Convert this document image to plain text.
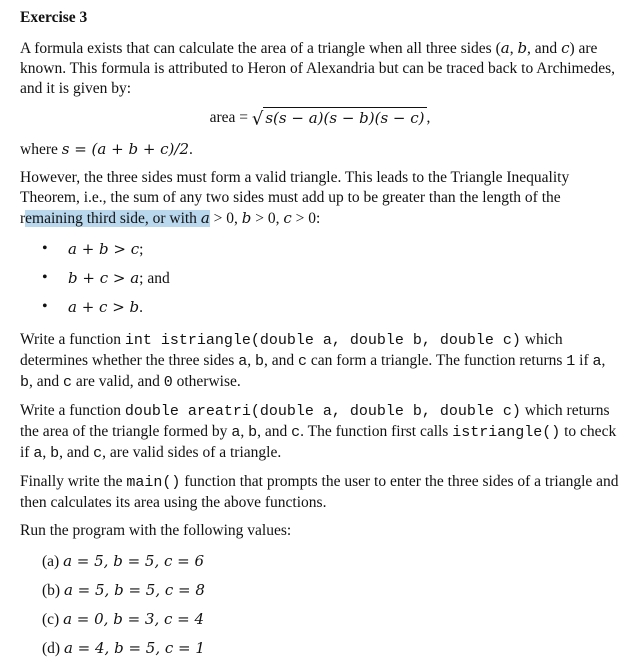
Exercise 3

A formula exists that can calculate the area of a triangle when all three sides (a, b, and c) are known. This formula is attributed to Heron of Alexandria but can be traced back to Archimedes, and it is given by:

area = √ s(s − a)(s − b)(s − c) ,

where s = (a + b + c)/2.

However, the three sides must form a valid triangle. This leads to the Triangle Inequality Theorem, i.e., the sum of any two sides must add up to be greater than the length of the remaining third side, or with a > 0, b > 0, c > 0:

• a + b > c;
• b + c > a; and
• a + c > b.

Write a function int istriangle(double a, double b, double c) which determines whether the three sides a, b, and c can form a triangle. The function returns 1 if a, b, and c are valid, and 0 otherwise.

Write a function double areatri(double a, double b, double c) which returns the area of the triangle formed by a, b, and c. The function first calls istriangle() to check if a, b, and c, are valid sides of a triangle.

Finally write the main() function that prompts the user to enter the three sides of a triangle and then calculates its area using the above functions.

Run the program with the following values:

(a) a = 5, b = 5, c = 6
(b) a = 5, b = 5, c = 8
(c) a = 0, b = 3, c = 4
(d) a = 4, b = 5, c = 1
